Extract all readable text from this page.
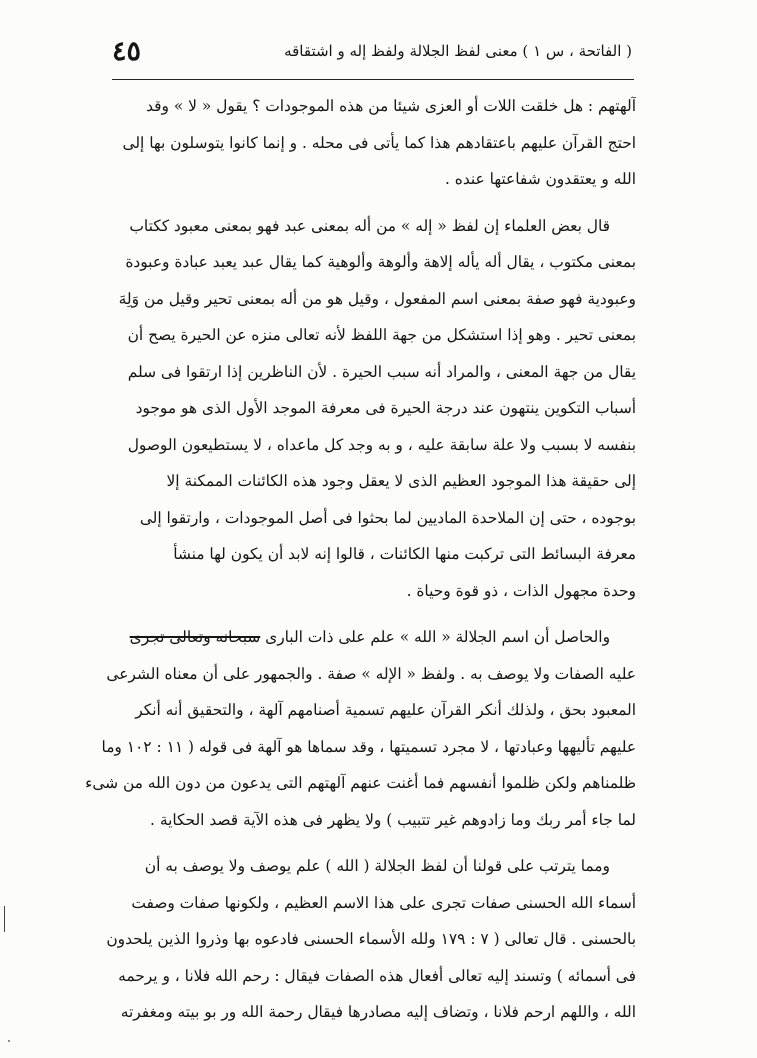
( الفاتحة ، س ١ ) معنى لفظ الجلالة ولفظ إله و اشتقاقه
٤٥
آلهتهم : هل خلقت اللات أو العزى شيئا من هذه الموجودات ؟ يقول « لا » وقد
احتج القرآن عليهم باعتقادهم هذا كما يأتى فى محله . و إنما كانوا يتوسلون بها إلى
الله و يعتقدون شفاعتها عنده .
قال بعض العلماء إن لفظ « إله » من أله بمعنى عبد فهو بمعنى معبود ككتاب
بمعنى مكتوب ، يقال أله يأله إلاهة وألوهة وألوهية كما يقال عبد يعبد عبادة وعبودة
وعبودية فهو صفة بمعنى اسم المفعول ، وقيل هو من أله بمعنى تحير وقيل من وَلِهَ
بمعنى تحير . وهو إذا استشكل من جهة اللفظ لأنه تعالى منزه عن الحيرة يصح أن
يقال من جهة المعنى ، والمراد أنه سبب الحيرة . لأن الناظرين إذا ارتقوا فى سلم
أسباب التكوين ينتهون عند درجة الحيرة فى معرفة الموجد الأول الذى هو موجود
بنفسه لا بسبب ولا علة سابقة عليه ، و به وجد كل ماعداه ، لا يستطيعون الوصول
إلى حقيقة هذا الموجود العظيم الذى لا يعقل وجود هذه الكائنات الممكنة إلا
بوجوده ، حتى إن الملاحدة الماديين لما بحثوا فى أصل الموجودات ، وارتقوا إلى
معرفة البسائط التى تركبت منها الكائنات ، قالوا إنه لابد أن يكون لها منشأ
وحدة مجهول الذات ، ذو قوة وحياة .
والحاصل أن اسم الجلالة « الله » علم على ذات البارى سبحانه وتعالى تجرى
عليه الصفات ولا يوصف به . ولفظ « الإله » صفة . والجمهور على أن معناه الشرعى
المعبود بحق ، ولذلك أنكر القرآن عليهم تسمية أصنامهم آلهة ، والتحقيق أنه أنكر
عليهم تأليهها وعبادتها ، لا مجرد تسميتها ، وقد سماها هو آلهة فى قوله ( ١١ : ١٠٢ وما
ظلمناهم ولكن ظلموا أنفسهم فما أغنت عنهم آلهتهم التى يدعون من دون الله من شىء
لما جاء أمر ربك وما زادوهم غير تتبيب ) ولا يظهر فى هذه الآية قصد الحكاية .
ومما يترتب على قولنا أن لفظ الجلالة ( الله ) علم يوصف ولا يوصف به أن
أسماء الله الحسنى صفات تجرى على هذا الاسم العظيم ، ولكونها صفات وصفت
بالحسنى . قال تعالى ( ٧ : ١٧٩ ولله الأسماء الحسنى فادعوه بها وذروا الذين يلحدون
فى أسمائه ) وتسند إليه تعالى أفعال هذه الصفات فيقال : رحم الله فلانا ، و يرحمه
الله ، واللهم ارحم فلانا ، وتضاف إليه مصادرها فيقال رحمة الله ور بو بيته ومغفرته
